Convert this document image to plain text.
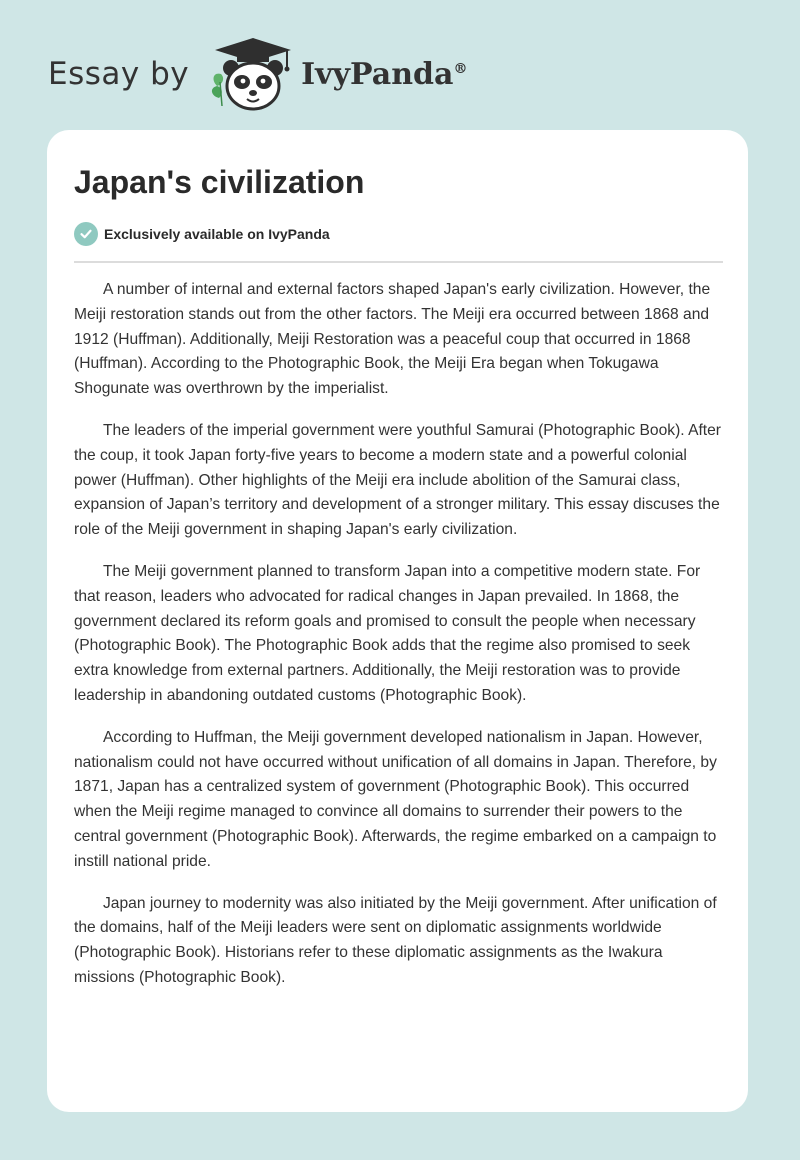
Essay by	IvyPanda®
Japan's civilization
Exclusively available on IvyPanda

A number of internal and external factors shaped Japan's early civilization. However, the Meiji restoration stands out from the other factors. The Meiji era occurred between 1868 and 1912 (Huffman). Additionally, Meiji Restoration was a peaceful coup that occurred in 1868 (Huffman). According to the Photographic Book, the Meiji Era began when Tokugawa Shogunate was overthrown by the imperialist.

The leaders of the imperial government were youthful Samurai (Photographic Book). After the coup, it took Japan forty-five years to become a modern state and a powerful colonial power (Huffman). Other highlights of the Meiji era include abolition of the Samurai class, expansion of Japan’s territory and development of a stronger military. This essay discuses the role of the Meiji government in shaping Japan's early civilization.

The Meiji government planned to transform Japan into a competitive modern state. For that reason, leaders who advocated for radical changes in Japan prevailed. In 1868, the government declared its reform goals and promised to consult the people when necessary (Photographic Book). The Photographic Book adds that the regime also promised to seek extra knowledge from external partners. Additionally, the Meiji restoration was to provide leadership in abandoning outdated customs (Photographic Book).

According to Huffman, the Meiji government developed nationalism in Japan. However, nationalism could not have occurred without unification of all domains in Japan. Therefore, by 1871, Japan has a centralized system of government (Photographic Book). This occurred when the Meiji regime managed to convince all domains to surrender their powers to the central government (Photographic Book). Afterwards, the regime embarked on a campaign to instill national pride.

Japan journey to modernity was also initiated by the Meiji government. After unification of the domains, half of the Meiji leaders were sent on diplomatic assignments worldwide (Photographic Book). Historians refer to these diplomatic assignments as the Iwakura missions (Photographic Book).
